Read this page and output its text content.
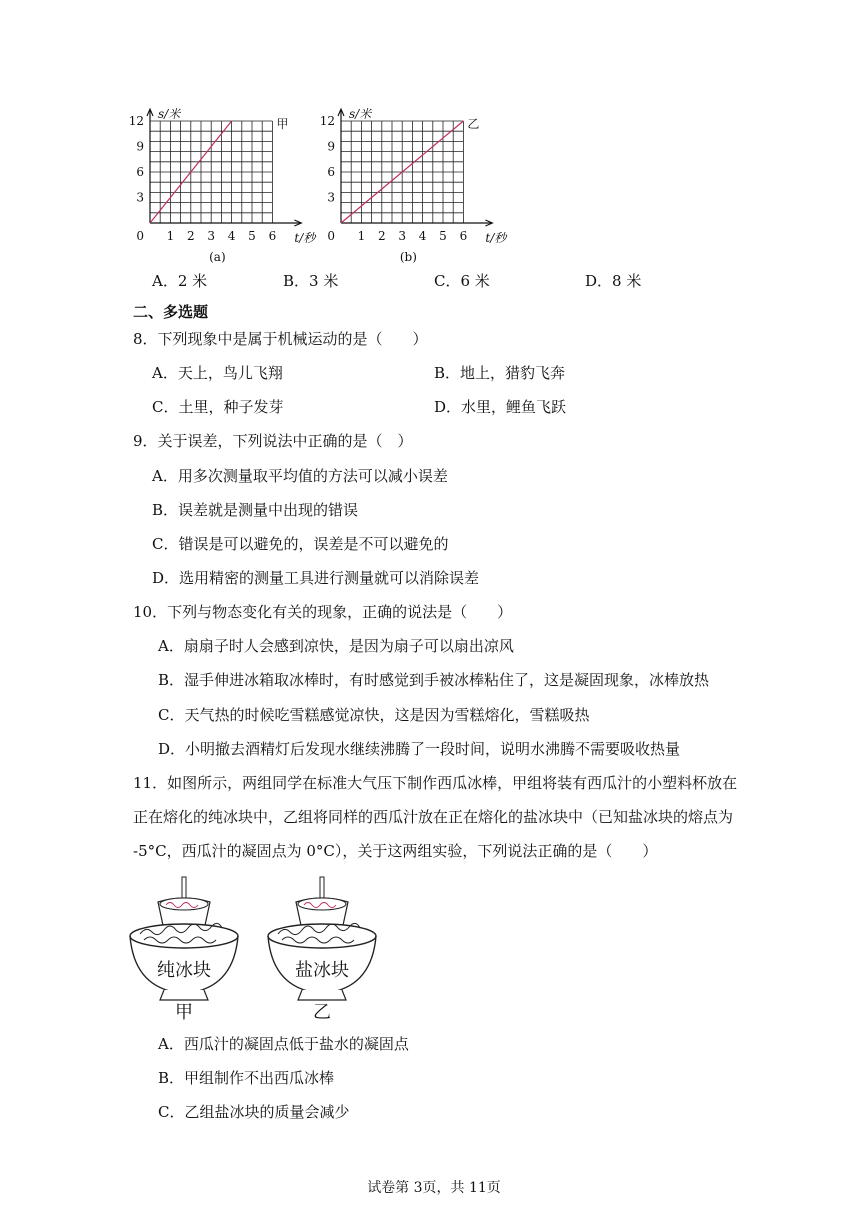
12
9
6
3
1 2 3 4 5 6
0
s/米
t/秒
甲
(a)
12
9
6
3
1 2 3 4 5 6
0
s/米
t/秒
乙
(b)
A．2 米	B．3 米	C．6 米	D．8 米
二、多选题
8．下列现象中是属于机械运动的是（　　）
A．天上，鸟儿飞翔	B．地上，猎豹飞奔
C．土里，种子发芽	D．水里，鲤鱼飞跃
9．关于误差，下列说法中正确的是（　）
A．用多次测量取平均值的方法可以减小误差
B．误差就是测量中出现的错误
C．错误是可以避免的，误差是不可以避免的
D．选用精密的测量工具进行测量就可以消除误差
10．下列与物态变化有关的现象，正确的说法是（　　）
A．扇扇子时人会感到凉快，是因为扇子可以扇出凉风
B．湿手伸进冰箱取冰棒时，有时感觉到手被冰棒粘住了，这是凝固现象，冰棒放热
C．天气热的时候吃雪糕感觉凉快，这是因为雪糕熔化，雪糕吸热
D．小明撤去酒精灯后发现水继续沸腾了一段时间，说明水沸腾不需要吸收热量
11．如图所示，两组同学在标准大气压下制作西瓜冰棒，甲组将装有西瓜汁的小塑料杯放在
正在熔化的纯冰块中，乙组将同样的西瓜汁放在正在熔化的盐冰块中（已知盐冰块的熔点为
-5°C，西瓜汁的凝固点为 0°C），关于这两组实验，下列说法正确的是（　　）
纯冰块
甲
盐冰块
乙
A．西瓜汁的凝固点低于盐水的凝固点
B．甲组制作不出西瓜冰棒
C．乙组盐冰块的质量会减少
试卷第 3页，共 11页
